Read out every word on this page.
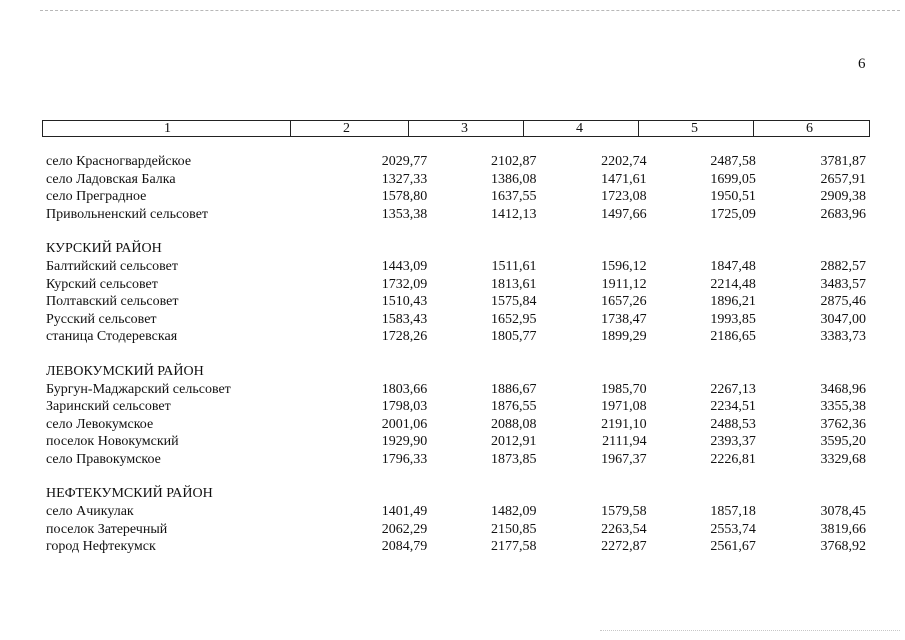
6
1	2	3	4	5	6
село Красногвардейское	2029,77	2102,87	2202,74	2487,58	3781,87
село Ладовская Балка	1327,33	1386,08	1471,61	1699,05	2657,91
село Преградное	1578,80	1637,55	1723,08	1950,51	2909,38
Привольненский сельсовет	1353,38	1412,13	1497,66	1725,09	2683,96
КУРСКИЙ РАЙОН
Балтийский сельсовет	1443,09	1511,61	1596,12	1847,48	2882,57
Курский сельсовет	1732,09	1813,61	1911,12	2214,48	3483,57
Полтавский сельсовет	1510,43	1575,84	1657,26	1896,21	2875,46
Русский сельсовет	1583,43	1652,95	1738,47	1993,85	3047,00
станица Стодеревская	1728,26	1805,77	1899,29	2186,65	3383,73
ЛЕВОКУМСКИЙ РАЙОН
Бургун-Маджарский сельсовет	1803,66	1886,67	1985,70	2267,13	3468,96
Заринский сельсовет	1798,03	1876,55	1971,08	2234,51	3355,38
село Левокумское	2001,06	2088,08	2191,10	2488,53	3762,36
поселок Новокумский	1929,90	2012,91	2111,94	2393,37	3595,20
село Правокумское	1796,33	1873,85	1967,37	2226,81	3329,68
НЕФТЕКУМСКИЙ РАЙОН
село Ачикулак	1401,49	1482,09	1579,58	1857,18	3078,45
поселок Затеречный	2062,29	2150,85	2263,54	2553,74	3819,66
город Нефтекумск	2084,79	2177,58	2272,87	2561,67	3768,92
